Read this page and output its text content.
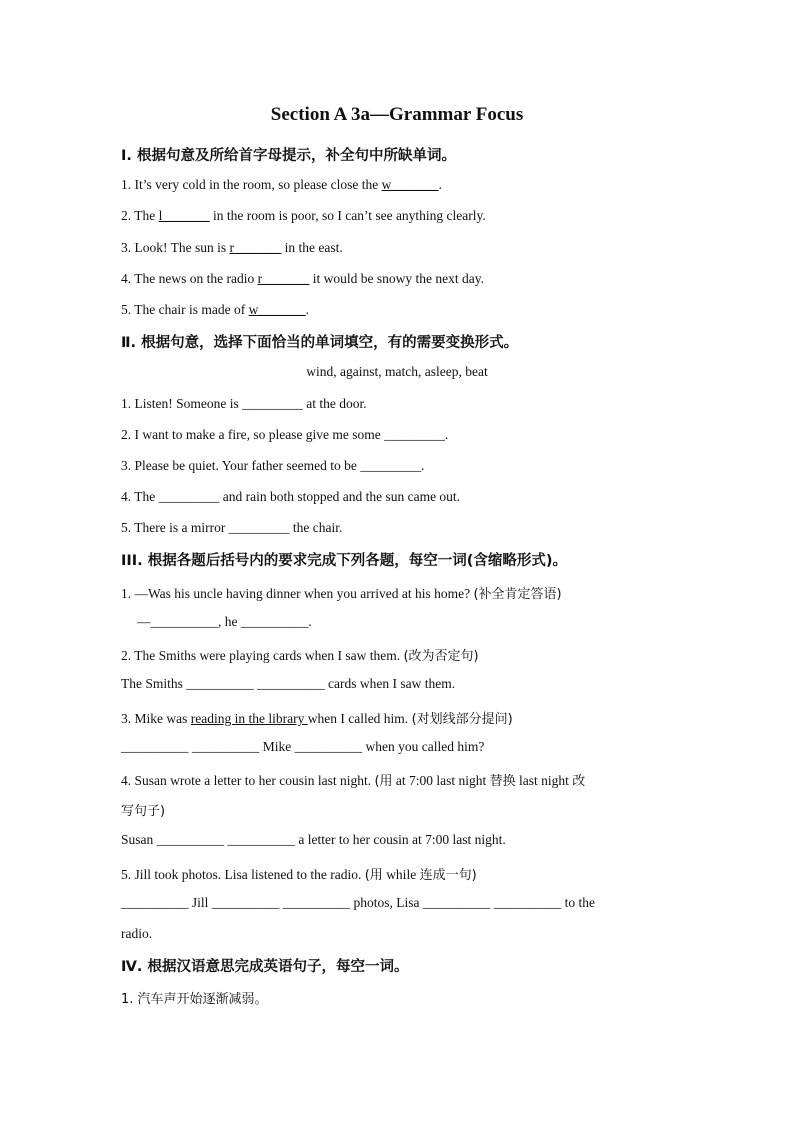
Section A 3a—Grammar Focus
Ⅰ. 根据句意及所给首字母提示，补全句中所缺单词。
1. It’s very cold in the room, so please close the w_______.
2. The l_______ in the room is poor, so I can’t see anything clearly.
3. Look! The sun is r_______ in the east.
4. The news on the radio r_______ it would be snowy the next day.
5. The chair is made of w_______.
Ⅱ. 根据句意，选择下面恰当的单词填空，有的需要变换形式。
wind, against, match, asleep, beat
1. Listen! Someone is _________ at the door.
2. I want to make a fire, so please give me some _________.
3. Please be quiet. Your father seemed to be _________.
4. The _________ and rain both stopped and the sun came out.
5. There is a mirror _________ the chair.
III. 根据各题后括号内的要求完成下列各题，每空一词(含缩略形式)。
1. —Was his uncle having dinner when you arrived at his home? (补全肯定答语)
—__________, he __________.
2. The Smiths were playing cards when I saw them. (改为否定句)
The Smiths __________ __________ cards when I saw them.
3. Mike was reading in the library when I called him. (对划线部分提问)
__________ __________ Mike __________ when you called him?
4. Susan wrote a letter to her cousin last night. (用 at 7:00 last night 替换 last night 改
写句子)
Susan __________ __________ a letter to her cousin at 7:00 last night.
5. Jill took photos. Lisa listened to the radio. (用 while 连成一句)
__________ Jill __________ __________ photos, Lisa __________ __________ to the
radio.
Ⅳ. 根据汉语意思完成英语句子，每空一词。
1. 汽车声开始逐渐减弱。
